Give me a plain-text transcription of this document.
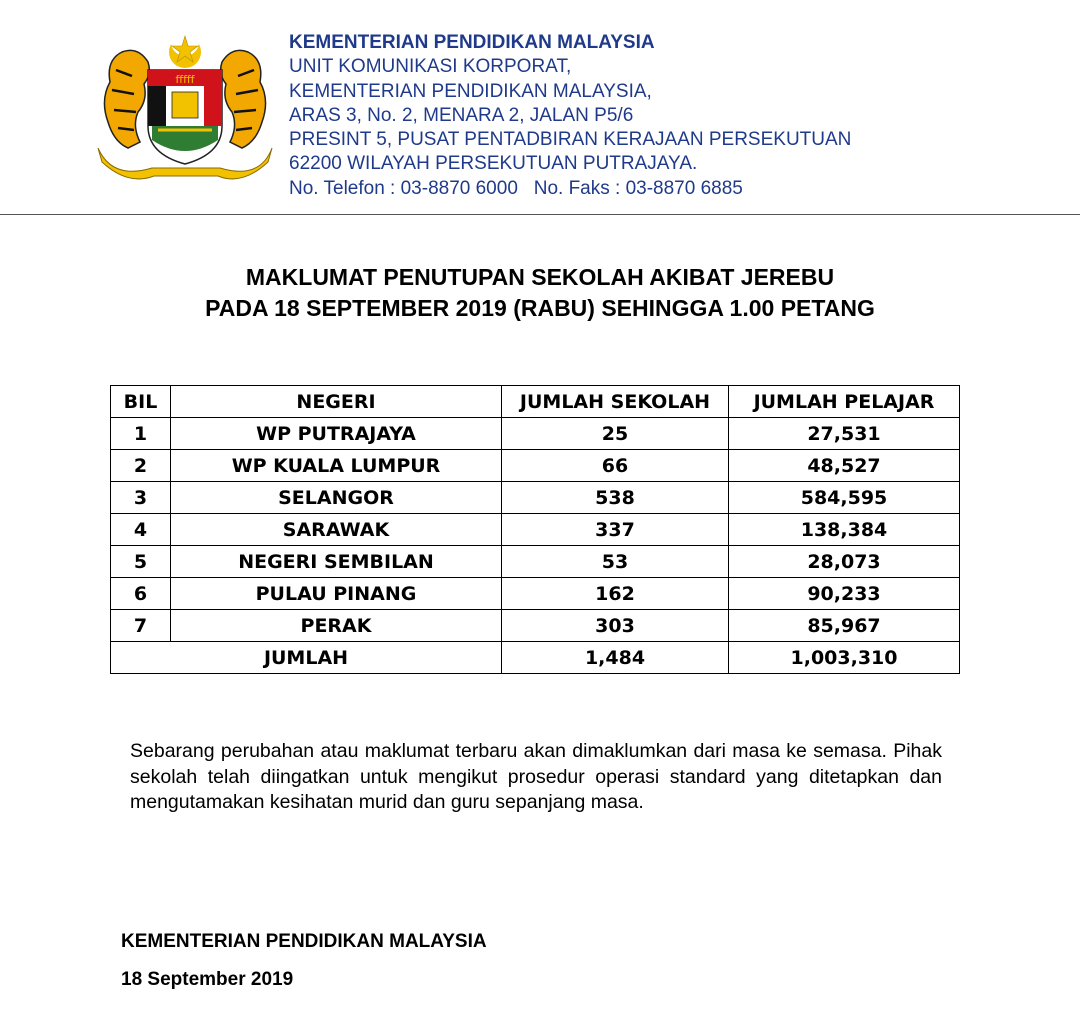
fffff
KEMENTERIAN PENDIDIKAN MALAYSIA
UNIT KOMUNIKASI KORPORAT,
KEMENTERIAN PENDIDIKAN MALAYSIA,
ARAS 3, No. 2, MENARA 2, JALAN P5/6
PRESINT 5, PUSAT PENTADBIRAN KERAJAAN PERSEKUTUAN
62200 WILAYAH PERSEKUTUAN PUTRAJAYA.
No. Telefon : 03-8870 6000   No. Faks : 03-8870 6885
MAKLUMAT PENUTUPAN SEKOLAH AKIBAT JEREBU
PADA 18 SEPTEMBER 2019 (RABU) SEHINGGA 1.00 PETANG
BIL	NEGERI	JUMLAH SEKOLAH	JUMLAH PELAJAR
1	WP PUTRAJAYA	25	27,531
2	WP KUALA LUMPUR	66	48,527
3	SELANGOR	538	584,595
4	SARAWAK	337	138,384
5	NEGERI SEMBILAN	53	28,073
6	PULAU PINANG	162	90,233
7	PERAK	303	85,967
JUMLAH		1,484	1,003,310
Sebarang perubahan atau maklumat terbaru akan dimaklumkan dari masa ke semasa. Pihak sekolah telah diingatkan untuk mengikut prosedur operasi standard yang ditetapkan dan mengutamakan kesihatan murid dan guru sepanjang masa.
KEMENTERIAN PENDIDIKAN MALAYSIA
18 September 2019
